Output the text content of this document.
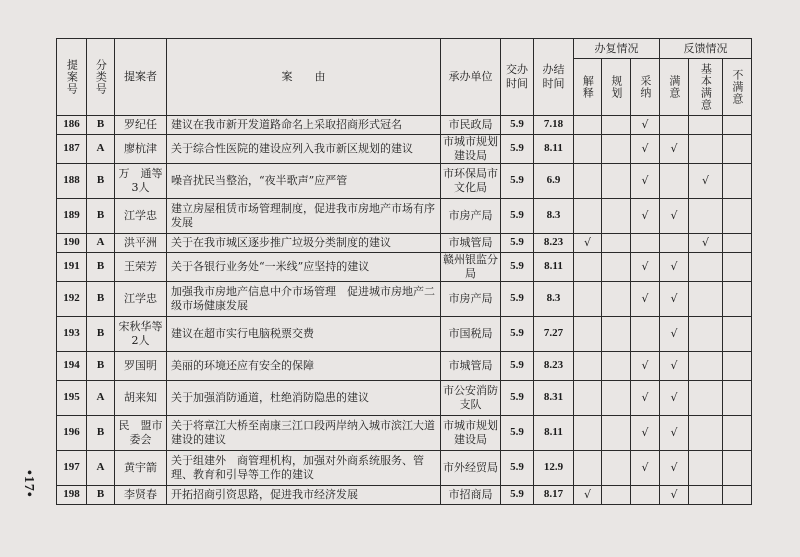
•17•
提案号	分类号	提案者	案　　由	承办单位	交办时间	办结时间	办复情况			反馈情况		

							解释	规划	采纳	满意	基本满意	不满意

186	B	罗纪任	建议在我市新开发道路命名上采取招商形式冠名	市民政局	5.9	7.18			√			
187	A	廖杭津	关于综合性医院的建设应列入我市新区规划的建议	市城市规划建设局	5.9	8.11			√	√		
188	B	万　通等3人	噪音扰民当整治，“夜半歌声”应严管	市环保局市文化局	5.9	6.9			√		√	
189	B	江学忠	建立房屋租赁市场管理制度，促进我市房地产市场有序发展	市房产局	5.9	8.3			√	√		
190	A	洪平洲	关于在我市城区逐步推广垃圾分类制度的建议	市城管局	5.9	8.23	√				√	
191	B	王荣芳	关于各银行业务处“一米线”应坚持的建议	赣州银监分局	5.9	8.11			√	√		
192	B	江学忠	加强我市房地产信息中介市场管理　促进城市房地产二级市场健康发展	市房产局	5.9	8.3			√	√		
193	B	宋秋华等2人	建议在超市实行电脑税票交费	市国税局	5.9	7.27				√		
194	B	罗国明	美丽的环境还应有安全的保障	市城管局	5.9	8.23			√	√		
195	A	胡来知	关于加强消防通道，杜绝消防隐患的建议	市公安消防支队	5.9	8.31			√	√		
196	B	民　盟市委会	关于将章江大桥至南康三江口段两岸纳入城市滨江大道建设的建议	市城市规划建设局	5.9	8.11			√	√		
197	A	黄宇箭	关于组建外　商管理机构，加强对外商系统服务、管理、教育和引导等工作的建议	市外经贸局	5.9	12.9			√	√		
198	B	李贤春	开拓招商引资思路，促进我市经济发展	市招商局	5.9	8.17	√			√		
